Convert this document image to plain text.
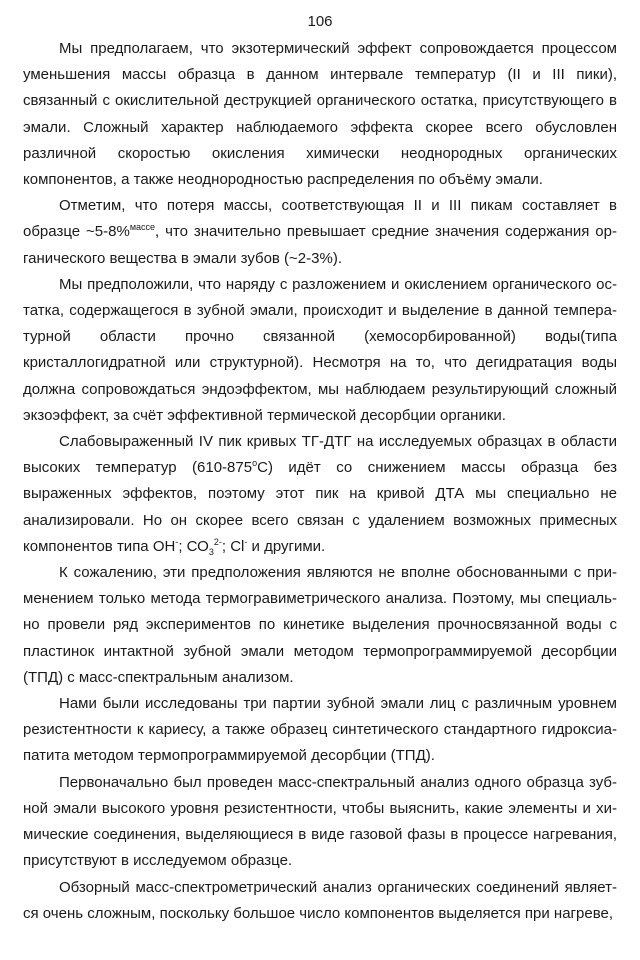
106

Мы предполагаем, что экзотермический эффект сопровождается процессом уменьшения массы образца в данном интервале температур (II и III пики), связанный с окислительной деструкцией органического остатка, присутствующего в эмали. Сложный характер наблюдаемого эффекта скорее всего обусловлен различной скоростью окисления химически неоднородных органических компонентов, а также неоднородностью распределения по объёму эмали.

Отметим, что потеря массы, соответствующая II и III пикам составляет в образце ~5-8%$^{массе}$, что значительно превышает средние значения содержания органического вещества в эмали зубов (~2-3%).

Мы предположили, что наряду с разложением и окислением органического остатка, содержащегося в зубной эмали, происходит и выделение в данной температурной области прочно связанной (хемосорбированной) воды(типа кристаллогидратной или структурной). Несмотря на то, что дегидратация воды должна сопровождаться эндоэффектом, мы наблюдаем результирующий сложный экзоэффект, за счёт эффективной термической десорбции органики.

Слабовыраженный IV пик кривых ТГ-ДТГ на исследуемых образцах в области высоких температур $(610-875^оС)$ идёт со снижением массы образца без выраженных эффектов, поэтому этот пик на кривой ДТА мы специально не анализировали. Но он скорее всего связан с удалением возможных примесных компонентов типа ОН-; $СО_3^{2-}$; Cl- и другими.

К сожалению, эти предположения являются не вполне обоснованными с применением только метода термогравиметрического анализа. Поэтому, мы специально провели ряд экспериментов по кинетике выделения прочносвязанной воды с пластинок интактной зубной эмали методом термопрограммируемой десорбции (ТПД) с масс-спектральным анализом.

Нами были исследованы три партии зубной эмали лиц с различным уровнем резистентности к кариесу, а также образец синтетического стандартного гидроксиапатита методом термопрограммируемой десорбции (ТПД).

Первоначально был проведен масс-спектральный анализ одного образца зубной эмали высокого уровня резистентности, чтобы выяснить, какие элементы и химические соединения, выделяющиеся в виде газовой фазы в процессе нагревания, присутствуют в исследуемом образце.

Обзорный масс-спектрометрический анализ органических соединений является очень сложным, поскольку большое число компонентов выделяется при нагреве,
